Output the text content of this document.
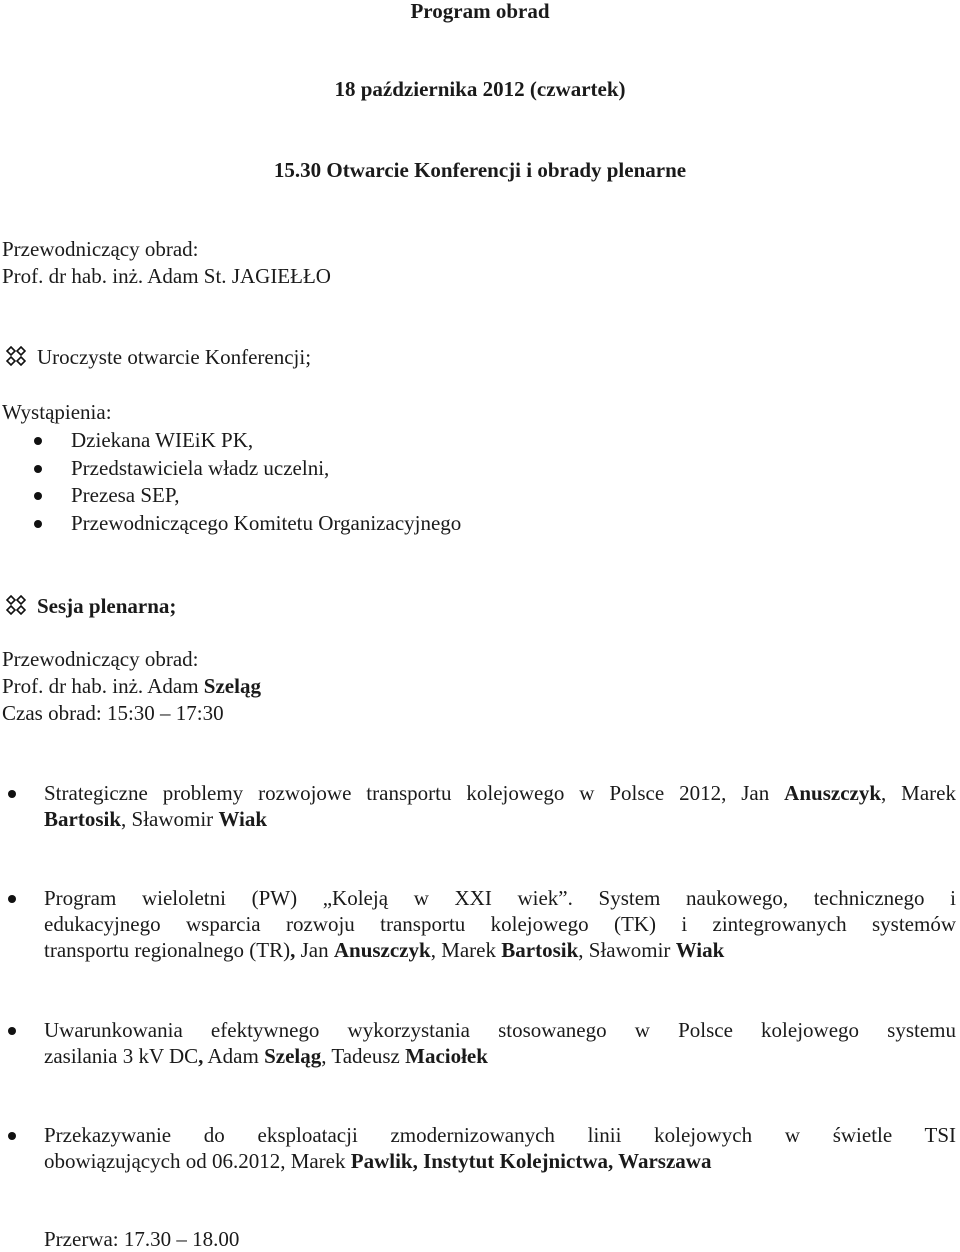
Program obrad
18 października 2012 (czwartek)
15.30 Otwarcie Konferencji i obrady plenarne
Przewodniczący obrad:
Prof. dr hab. inż. Adam St. JAGIEŁŁO
Uroczyste otwarcie Konferencji;
Wystąpienia:
Dziekana WIEiK PK,
Przedstawiciela władz uczelni,
Prezesa SEP,
Przewodniczącego Komitetu Organizacyjnego
Sesja plenarna;
Przewodniczący obrad:
Prof. dr hab. inż. Adam Szeląg
Czas obrad: 15:30 – 17:30
Strategiczne problemy rozwojowe transportu kolejowego w Polsce 2012, Jan Anuszczyk, Marek
Bartosik, Sławomir Wiak
Program wieloletni (PW) „Koleją w XXI wiek”. System naukowego, technicznego i
edukacyjnego wsparcia rozwoju transportu kolejowego (TK) i zintegrowanych systemów
transportu regionalnego (TR), Jan Anuszczyk, Marek Bartosik, Sławomir Wiak
Uwarunkowania efektywnego wykorzystania stosowanego w Polsce kolejowego systemu
zasilania 3 kV DC, Adam Szeląg, Tadeusz Maciołek
Przekazywanie do eksploatacji zmodernizowanych linii kolejowych w świetle TSI
obowiązujących od 06.2012, Marek Pawlik, Instytut Kolejnictwa, Warszawa
Przerwa: 17.30 – 18.00
